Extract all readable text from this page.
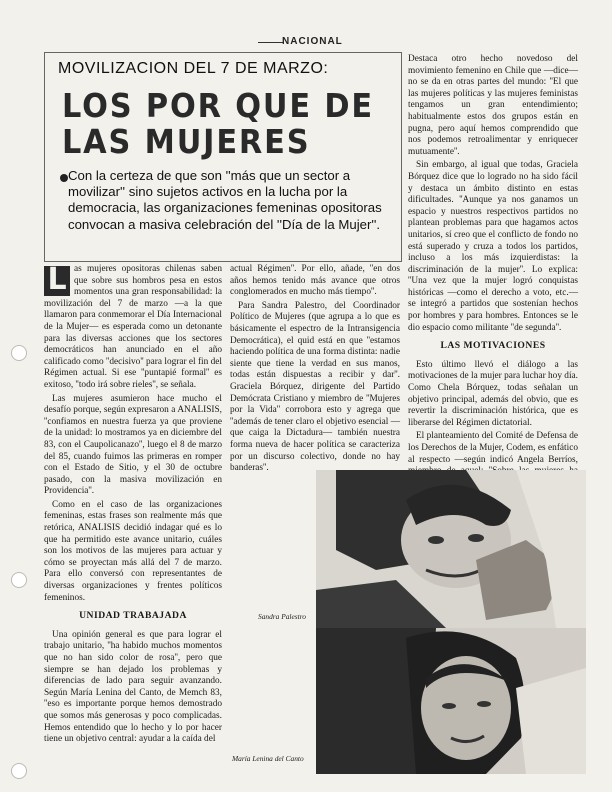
NACIONAL
MOVILIZACION DEL 7 DE MARZO:
LOS POR QUE DE
LAS MUJERES
Con la certeza de que son ''más que un sector a movilizar'' sino sujetos activos en la lucha por la democracia, las organizaciones femeninas opositoras convocan a masiva celebración del ''Día de la Mujer''.
L as mujeres opositoras chilenas saben que sobre sus hombros pesa en estos momentos una gran responsabilidad: la movilización del 7 de marzo —a la que llamaron para conmemorar el Día Internacional de la Mujer— es esperada como un detonante para las diversas acciones que los sectores democráticos han anunciado en el año calificado como ''decisivo'' para lograr el fin del Régimen actual. Si ese ''puntapié formal'' es exitoso, ''todo irá sobre rieles'', se señala.

Las mujeres asumieron hace mucho el desafío porque, según expresaron a ANALISIS, ''confiamos en nuestra fuerza ya que proviene de la unidad: lo mostramos ya en diciembre del 83, con el Caupolicanazo'', luego el 8 de marzo del 85, cuando fuimos las primeras en romper con el Estado de Sitio, y el 30 de octubre pasado, con la masiva movilización en Providencia''.

Como en el caso de las organizaciones femeninas, estas frases son realmente más que retórica, ANALISIS decidió indagar qué es lo que ha permitido este avance unitario, cuáles son los motivos de las mujeres para actuar y cómo se proyectan más allá del 7 de marzo. Para ello conversó con representantes de diversas organizaciones y frentes políticos femeninos.

UNIDAD TRABAJADA

Una opinión general es que para lograr el trabajo unitario, ''ha habido muchos momentos que no han sido color de rosa'', pero que siempre se han dejado los problemas y diferencias de lado para seguir avanzando. Según María Lenina del Canto, de Memch 83, ''eso es importante porque hemos demostrado que somos más generosas y poco complicadas. Hemos entendido que lo hecho y lo por hacer tiene un objetivo central: ayudar a la caída del

actual Régimen''. Por ello, añade, ''en dos años hemos tenido más avance que otros conglomerados en mucho más tiempo''.

Para Sandra Palestro, del Coordinador Político de Mujeres (que agrupa a lo que es básicamente el espectro de la Intransigencia Democrática), el quid está en que ''estamos haciendo política de una forma distinta: nadie siente que tiene la verdad en sus manos, todas están dispuestas a recibir y dar''. Graciela Bórquez, dirigente del Partido Demócrata Cristiano y miembro de ''Mujeres por la Vida'' corrobora esto y agrega que ''además de tener claro el objetivo esencial —que caiga la Dictadura— también nuestra forma nueva de hacer política se caracteriza por un discurso colectivo, donde no hay banderas''.

Destaca otro hecho novedoso del movimiento femenino en Chile que —dice— no se da en otras partes del mundo: ''El que las mujeres políticas y las mujeres feministas tengamos un gran entendimiento; habitualmente estos dos grupos están en pugna, pero aquí hemos comprendido que nos podemos retroalimentar y enriquecer mutuamente''.

Sin embargo, al igual que todas, Graciela Bórquez dice que lo logrado no ha sido fácil y destaca un ámbito distinto en estas dificultades. ''Aunque ya nos ganamos un espacio y nuestros respectivos partidos no plantean problemas para que hagamos actos unitarios, sí creo que el conflicto de fondo no está superado y cruza a todos los partidos, incluso a los más izquierdistas: la discriminación de la mujer''. Lo explica: ''Una vez que la mujer logró conquistas históricas —como el derecho a voto, etc.— se integró a partidos que sostenían hechos por hombres y para hombres. Entonces se le dio espacio como militante ''de segunda''.

LAS MOTIVACIONES

Esto último llevó el diálogo a las motivaciones de la mujer para luchar hoy día. Como Chela Bórquez, todas señalan un objetivo principal, además del obvio, que es revertir la discriminación histórica, que es liberarse del Régimen dictatorial.

El planteamiento del Comité de Defensa de los Derechos de la Mujer, Codem, es enfático al respecto —según indicó Angela Berríos,

Sandra Palestro
María Lenina del Canto
